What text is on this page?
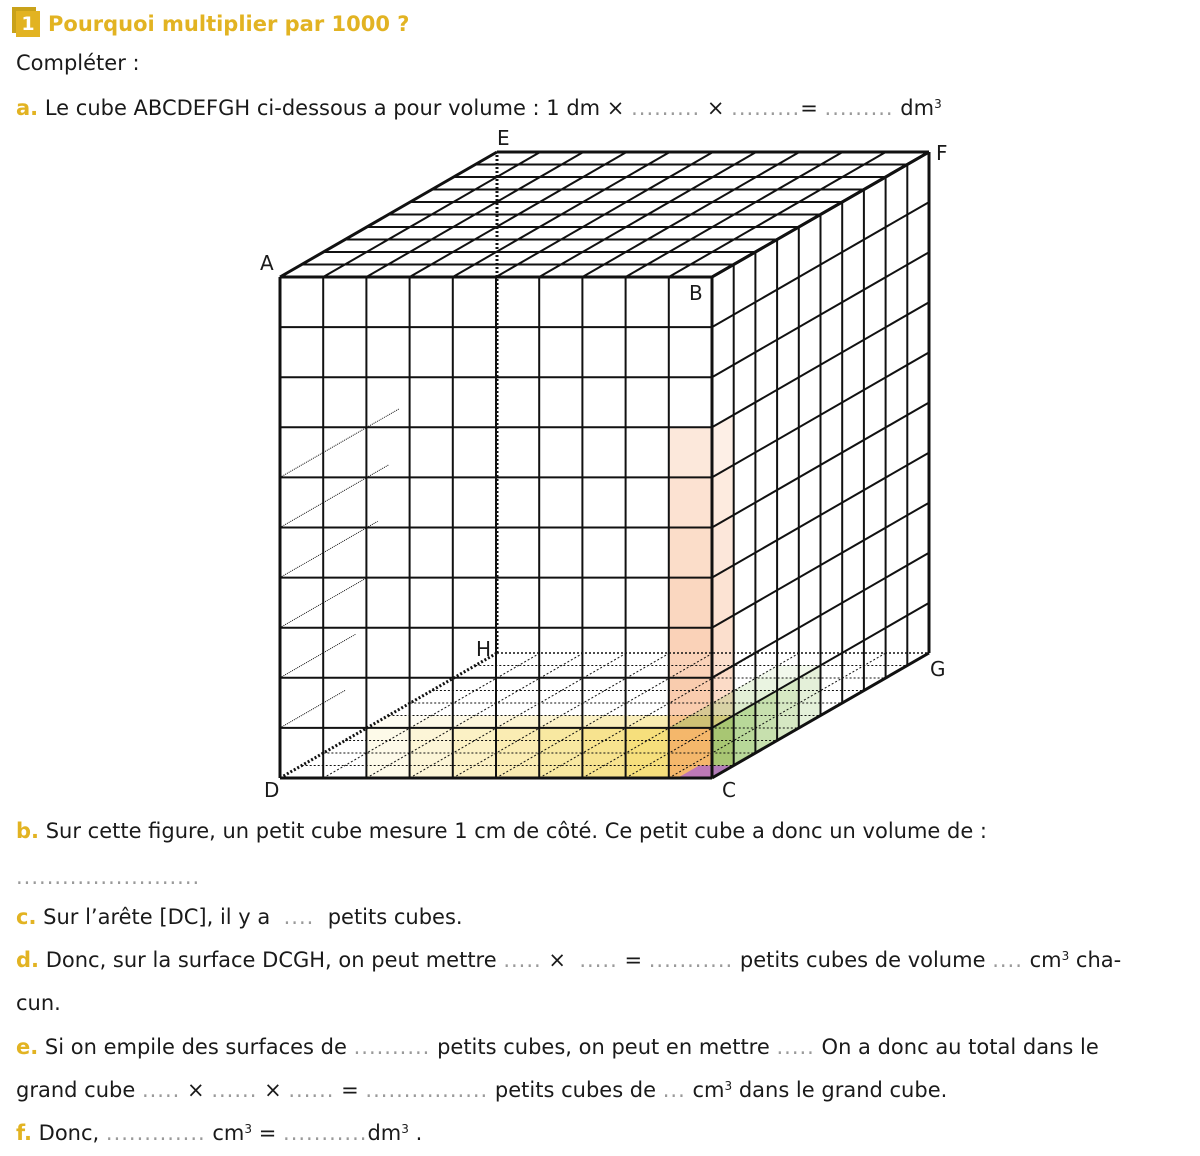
1 Pourquoi multiplier par 1000 ?
Compléter :
a. Le cube ABCDEFGH ci-dessous a pour volume : 1 dm × ......... × .........= ......... $dm^3$
A
B
C
D
E
F
G
H
b. Sur cette figure, un petit cube mesure 1 cm de côté. Ce petit cube a donc un volume de :
........................
c. Sur l’arête [DC], il y a .... petits cubes.
d. Donc, sur la surface DCGH, on peut mettre ..... × ..... = ........... petits cubes de volume .... $cm^3$ cha-
cun.
e. Si on empile des surfaces de .......... petits cubes, on peut en mettre ..... On a donc au total dans le
grand cube ..... × ...... × ...... = ................ petits cubes de ... $cm^3$ dans le grand cube.
f. Donc, ............. $cm^3 = ...........dm^3$ .
